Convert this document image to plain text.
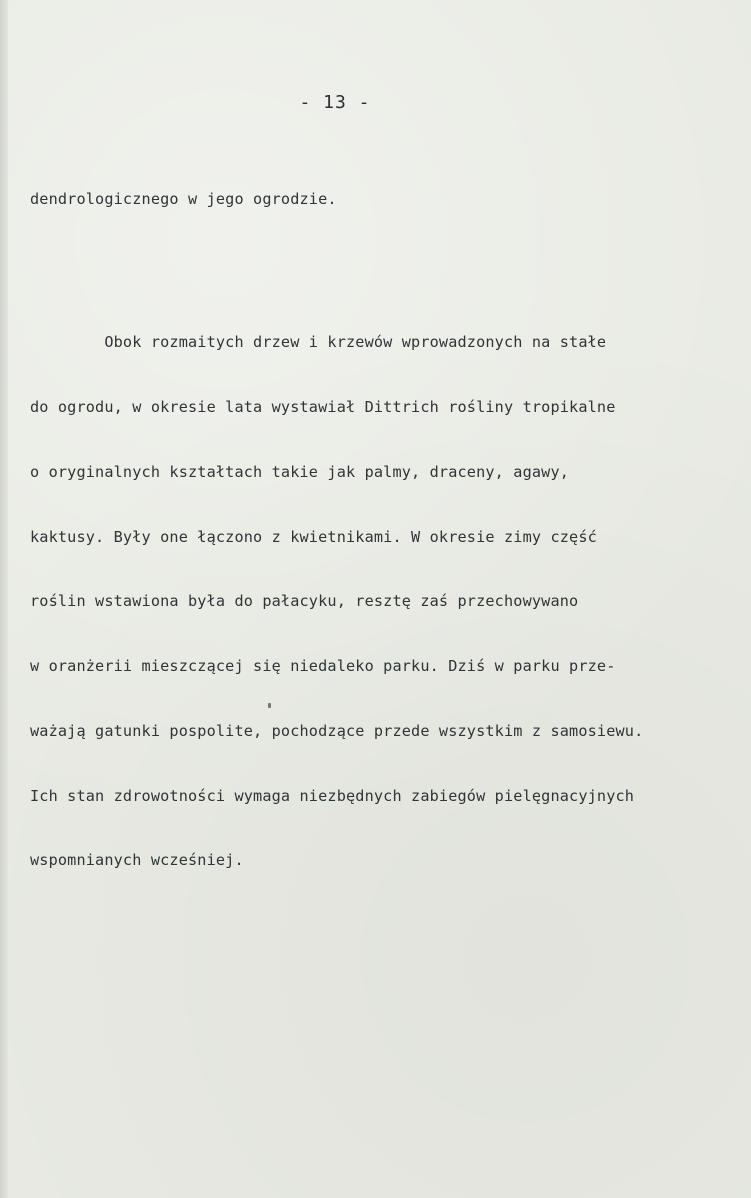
- 13 -

dendrologicznego w jego ogrodzie.

Obok rozmaitych drzew i krzewów wprowadzonych na stałe

do ogrodu, w okresie lata wystawiał Dittrich rośliny tropikalne

o oryginalnych kształtach takie jak palmy, draceny, agawy,

kaktusy. Były one łączono z kwietnikami. W okresie zimy część

roślin wstawiona była do pałacyku, resztę zaś przechowywano

w oranżerii mieszczącej się niedaleko parku. Dziś w parku prze-

ważają gatunki pospolite, pochodzące przede wszystkim z samosiewu.

Ich stan zdrowotności wymaga niezbędnych zabiegów pielęgnacyjnych

wspomnianych wcześniej.
